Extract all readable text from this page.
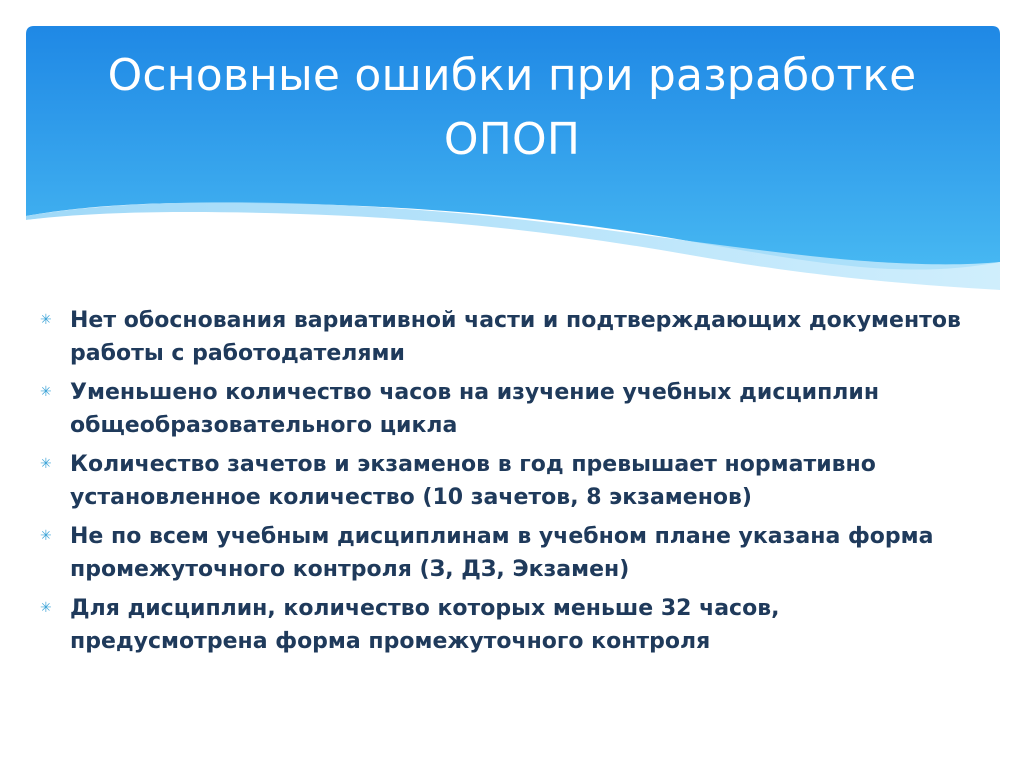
Основные ошибки при разработке ОПОП
✳ Нет обоснования вариативной части и подтверждающих документов работы с работодателями
✳ Уменьшено количество часов на изучение учебных дисциплин общеобразовательного цикла
✳ Количество зачетов и экзаменов в год превышает нормативно установленное количество (10 зачетов, 8 экзаменов)
✳ Не по всем учебным дисциплинам в учебном плане указана форма промежуточного контроля (З, ДЗ, Экзамен)
✳ Для дисциплин, количество которых меньше 32 часов, предусмотрена форма промежуточного контроля
